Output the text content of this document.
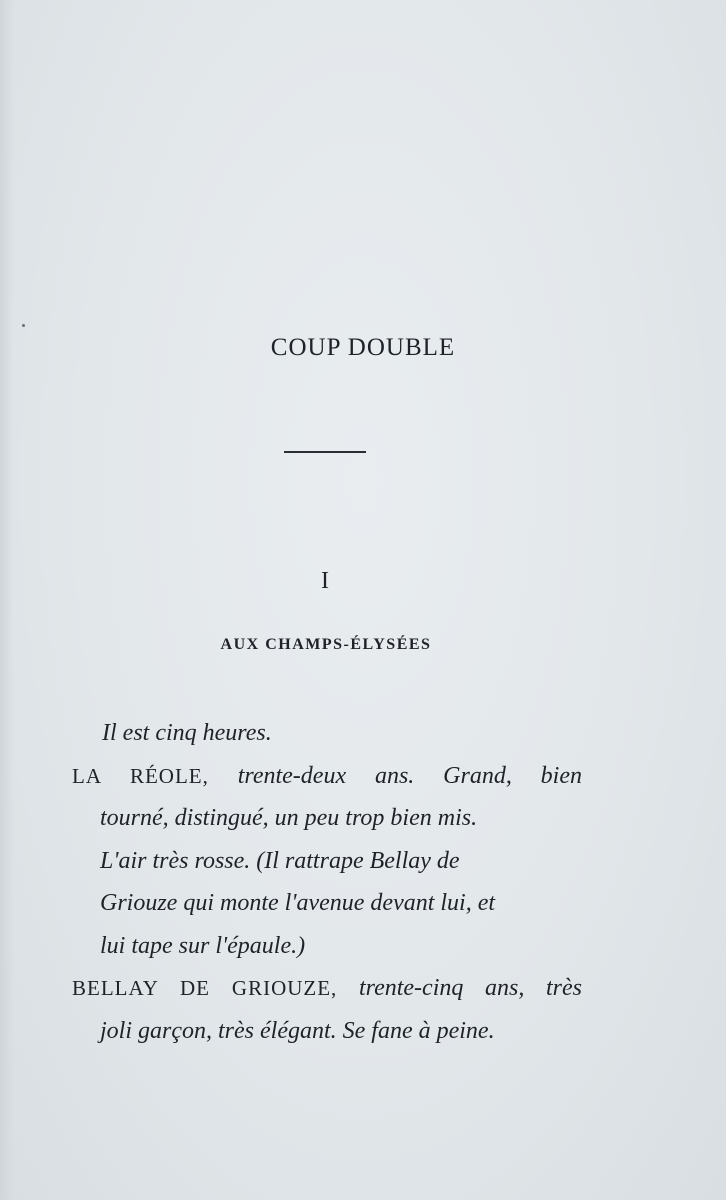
COUP DOUBLE
I
AUX CHAMPS-ÉLYSÉES
Il est cinq heures.
LA RÉOLE, trente-deux ans. Grand, bien
tourné, distingué, un peu trop bien mis.
L'air très rosse. (Il rattrape Bellay de
Griouze qui monte l'avenue devant lui, et
lui tape sur l'épaule.)
BELLAY DE GRIOUZE, trente-cinq ans, très
joli garçon, très élégant. Se fane à peine.
